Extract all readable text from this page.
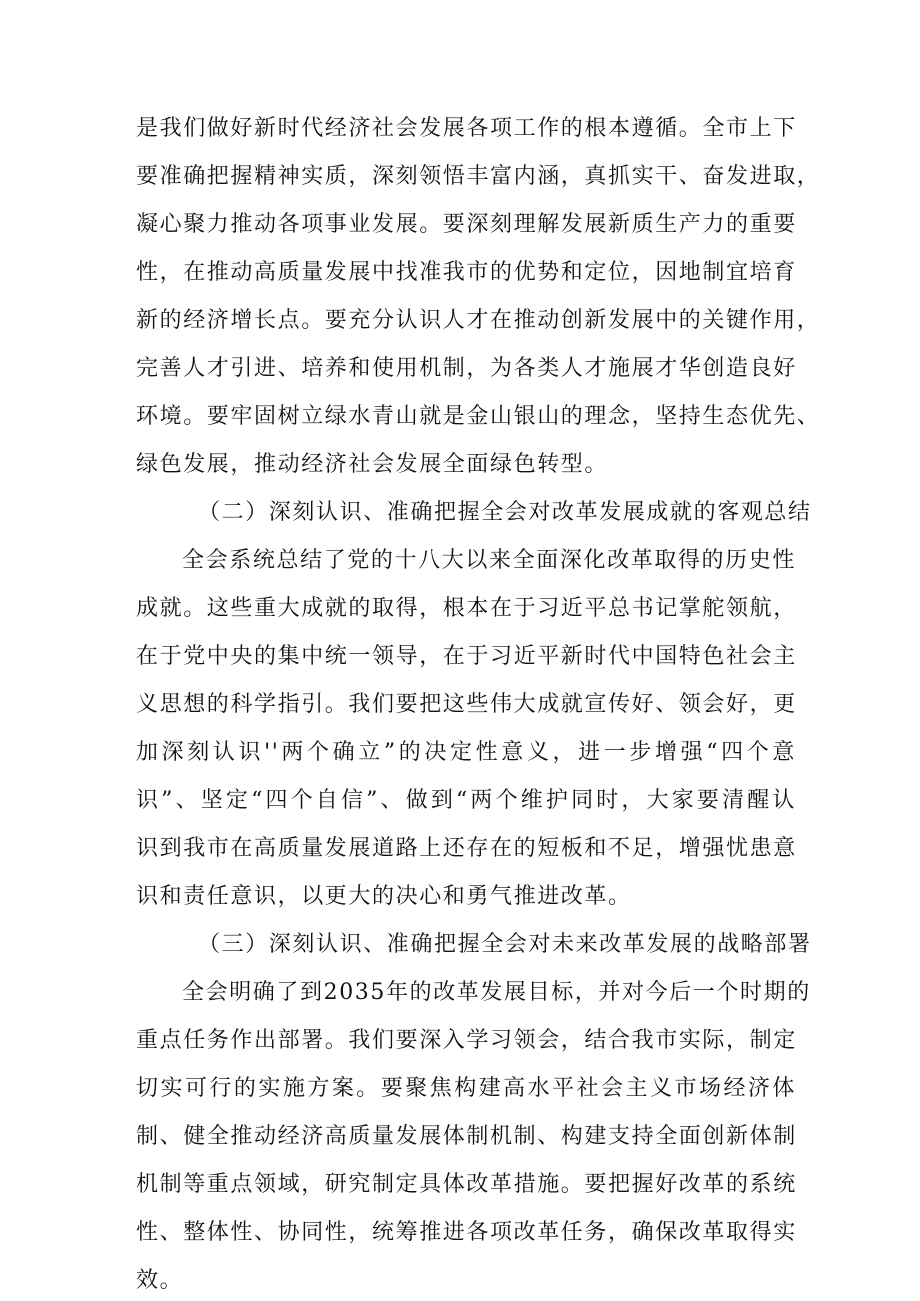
是我们做好新时代经济社会发展各项工作的根本遵循。全市上下
要准确把握精神实质，深刻领悟丰富内涵，真抓实干、奋发进取，
凝心聚力推动各项事业发展。要深刻理解发展新质生产力的重要
性，在推动高质量发展中找准我市的优势和定位，因地制宜培育
新的经济增长点。要充分认识人才在推动创新发展中的关键作用，
完善人才引进、培养和使用机制，为各类人才施展才华创造良好
环境。要牢固树立绿水青山就是金山银山的理念，坚持生态优先、
绿色发展，推动经济社会发展全面绿色转型。
（二）深刻认识、准确把握全会对改革发展成就的客观总结
全会系统总结了党的十八大以来全面深化改革取得的历史性
成就。这些重大成就的取得，根本在于习近平总书记掌舵领航，
在于党中央的集中统一领导，在于习近平新时代中国特色社会主
义思想的科学指引。我们要把这些伟大成就宣传好、领会好，更
加深刻认识''两个确立”的决定性意义，进一步增强“四个意
识”、坚定“四个自信”、做到“两个维护同时，大家要清醒认
识到我市在高质量发展道路上还存在的短板和不足，增强忧患意
识和责任意识，以更大的决心和勇气推进改革。
（三）深刻认识、准确把握全会对未来改革发展的战略部署
全会明确了到2035年的改革发展目标，并对今后一个时期的
重点任务作出部署。我们要深入学习领会，结合我市实际，制定
切实可行的实施方案。要聚焦构建高水平社会主义市场经济体
制、健全推动经济高质量发展体制机制、构建支持全面创新体制
机制等重点领域，研究制定具体改革措施。要把握好改革的系统
性、整体性、协同性，统筹推进各项改革任务，确保改革取得实
效。
